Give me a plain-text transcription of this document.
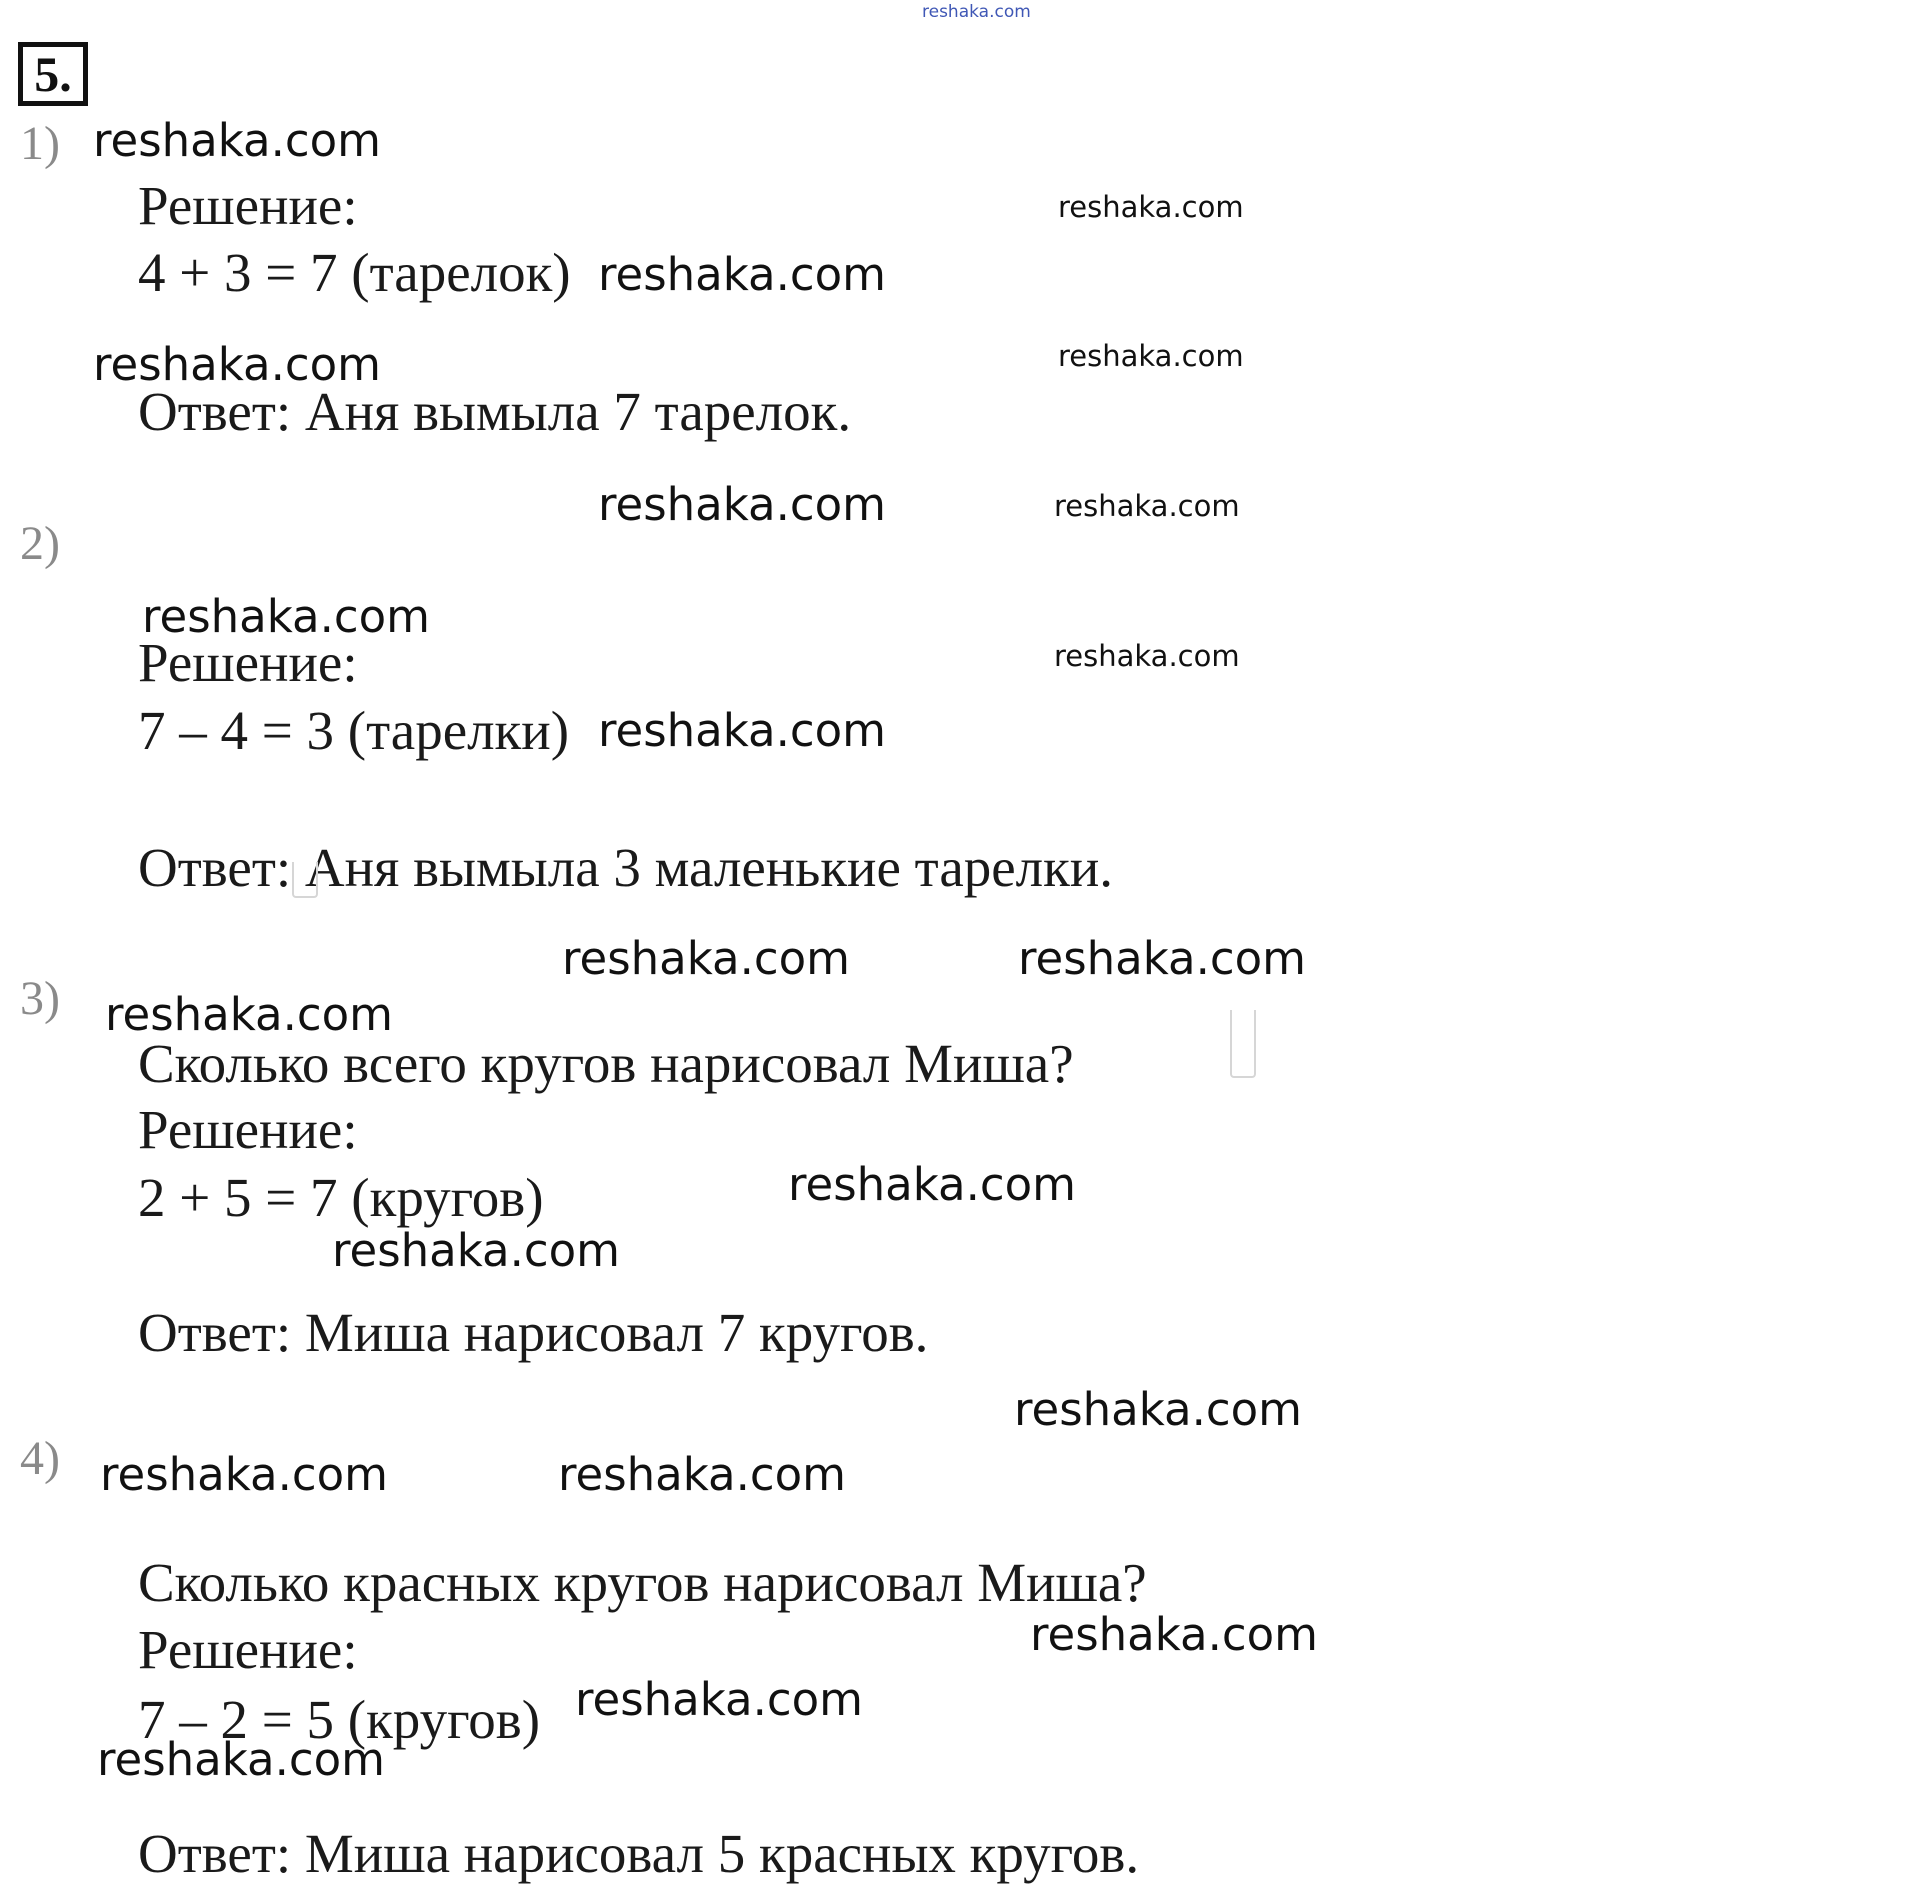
reshaka.com
5.
1)
Решение:
4 + 3 = 7 (тарелок)
Ответ: Аня вымыла 7 тарелок.
2)
Решение:
7 – 4 = 3 (тарелки)
Ответ: Аня вымыла 3 маленькие тарелки.
3)
Сколько всего кругов нарисовал Миша?
Решение:
2 + 5 = 7 (кругов)
Ответ: Миша нарисовал 7 кругов.
4)
Сколько красных кругов нарисовал Миша?
Решение:
7 – 2 = 5 (кругов)
Ответ: Миша нарисовал 5 красных кругов.
reshaka.com
reshaka.com
reshaka.com
reshaka.com	reshaka.com
reshaka.com	reshaka.com
reshaka.com
reshaka.com
reshaka.com
reshaka.com	reshaka.com
reshaka.com
reshaka.com
reshaka.com
reshaka.com
reshaka.com	reshaka.com
reshaka.com
reshaka.com
reshaka.com
